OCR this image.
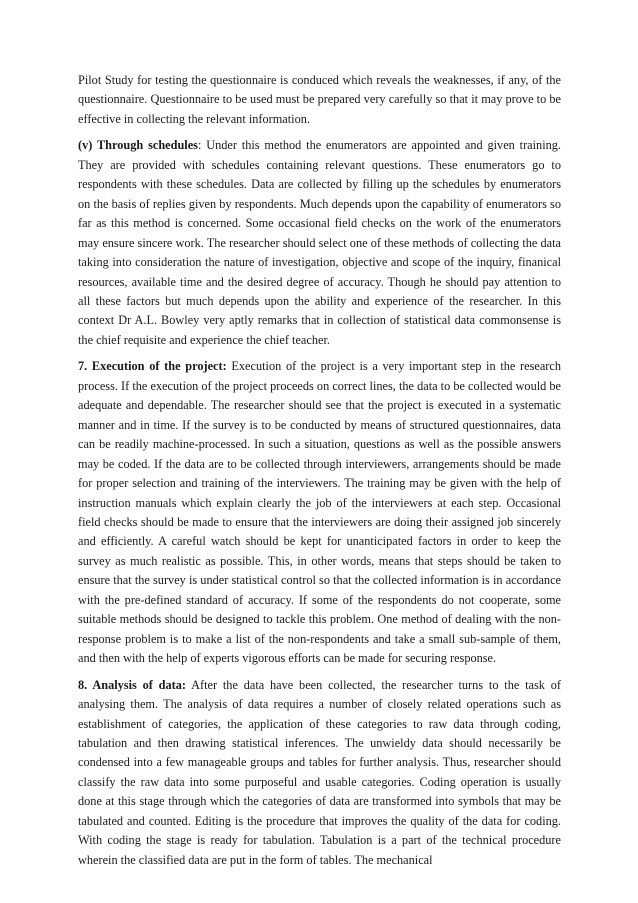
Pilot Study for testing the questionnaire is conduced which reveals the weaknesses, if any, of the questionnaire. Questionnaire to be used must be prepared very carefully so that it may prove to be effective in collecting the relevant information.

(v) Through schedules: Under this method the enumerators are appointed and given training. They are provided with schedules containing relevant questions. These enumerators go to respondents with these schedules. Data are collected by filling up the schedules by enumerators on the basis of replies given by respondents. Much depends upon the capability of enumerators so far as this method is concerned. Some occasional field checks on the work of the enumerators may ensure sincere work. The researcher should select one of these methods of collecting the data taking into consideration the nature of investigation, objective and scope of the inquiry, finanical resources, available time and the desired degree of accuracy. Though he should pay attention to all these factors but much depends upon the ability and experience of the researcher. In this context Dr A.L. Bowley very aptly remarks that in collection of statistical data commonsense is the chief requisite and experience the chief teacher.

7. Execution of the project: Execution of the project is a very important step in the research process. If the execution of the project proceeds on correct lines, the data to be collected would be adequate and dependable. The researcher should see that the project is executed in a systematic manner and in time. If the survey is to be conducted by means of structured questionnaires, data can be readily machine-processed. In such a situation, questions as well as the possible answers may be coded. If the data are to be collected through interviewers, arrangements should be made for proper selection and training of the interviewers. The training may be given with the help of instruction manuals which explain clearly the job of the interviewers at each step. Occasional field checks should be made to ensure that the interviewers are doing their assigned job sincerely and efficiently. A careful watch should be kept for unanticipated factors in order to keep the survey as much realistic as possible. This, in other words, means that steps should be taken to ensure that the survey is under statistical control so that the collected information is in accordance with the pre-defined standard of accuracy. If some of the respondents do not cooperate, some suitable methods should be designed to tackle this problem. One method of dealing with the non-response problem is to make a list of the non-respondents and take a small sub-sample of them, and then with the help of experts vigorous efforts can be made for securing response.

8. Analysis of data: After the data have been collected, the researcher turns to the task of analysing them. The analysis of data requires a number of closely related operations such as establishment of categories, the application of these categories to raw data through coding, tabulation and then drawing statistical inferences. The unwieldy data should necessarily be condensed into a few manageable groups and tables for further analysis. Thus, researcher should classify the raw data into some purposeful and usable categories. Coding operation is usually done at this stage through which the categories of data are transformed into symbols that may be tabulated and counted. Editing is the procedure that improves the quality of the data for coding. With coding the stage is ready for tabulation. Tabulation is a part of the technical procedure wherein the classified data are put in the form of tables. The mechanical
